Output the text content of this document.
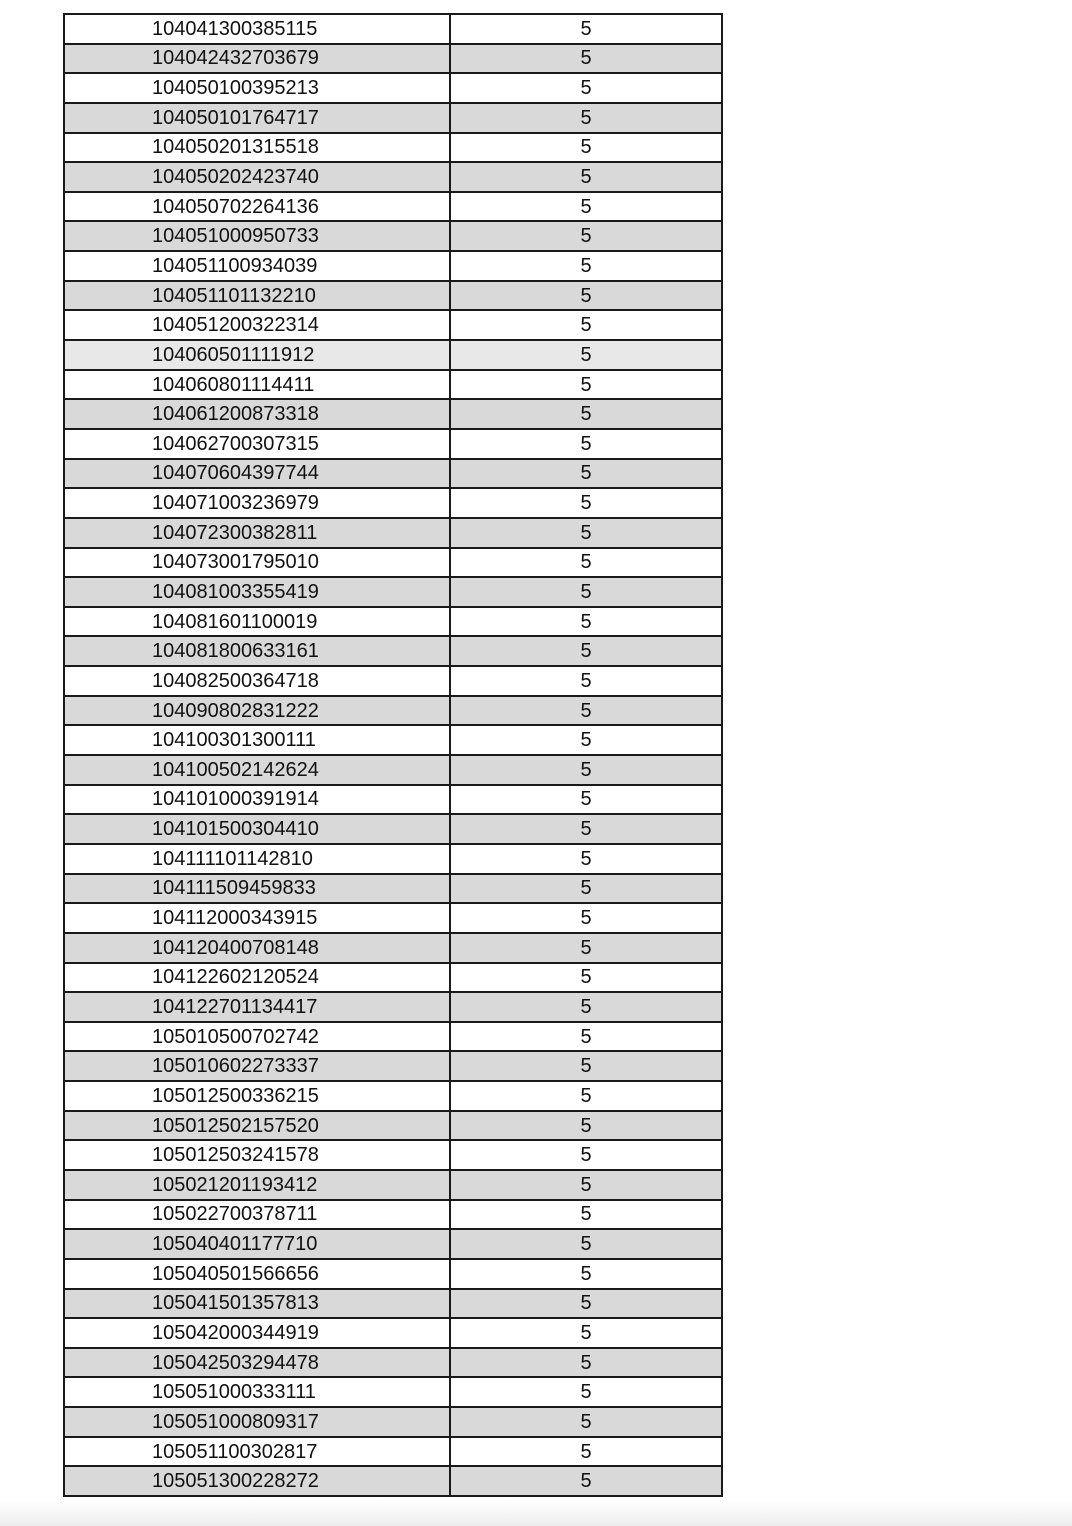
104041300385115	5
104042432703679	5
104050100395213	5
104050101764717	5
104050201315518	5
104050202423740	5
104050702264136	5
104051000950733	5
104051100934039	5
104051101132210	5
104051200322314	5
104060501111912	5
104060801114411	5
104061200873318	5
104062700307315	5
104070604397744	5
104071003236979	5
104072300382811	5
104073001795010	5
104081003355419	5
104081601100019	5
104081800633161	5
104082500364718	5
104090802831222	5
104100301300111	5
104100502142624	5
104101000391914	5
104101500304410	5
104111101142810	5
104111509459833	5
104112000343915	5
104120400708148	5
104122602120524	5
104122701134417	5
105010500702742	5
105010602273337	5
105012500336215	5
105012502157520	5
105012503241578	5
105021201193412	5
105022700378711	5
105040401177710	5
105040501566656	5
105041501357813	5
105042000344919	5
105042503294478	5
105051000333111	5
105051000809317	5
105051100302817	5
105051300228272	5
